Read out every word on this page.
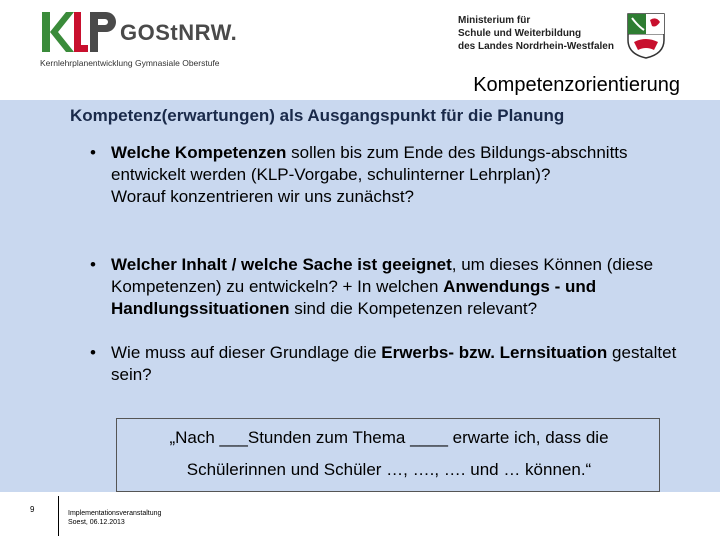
GOStNRW.
Kernlehrplanentwicklung Gymnasiale Oberstufe
Ministerium für
Schule und Weiterbildung
des Landes Nordrhein-Westfalen
Kompetenzorientierung
Kompetenz(erwartungen) als Ausgangspunkt für die Planung
• Welche Kompetenzen sollen bis zum Ende des Bildungs-abschnitts entwickelt werden (KLP-Vorgabe, schulinterner Lehrplan)?
Worauf konzentrieren wir uns zunächst?
• Welcher Inhalt / welche Sache ist geeignet, um dieses Können (diese Kompetenzen) zu entwickeln? + In welchen Anwendungs - und Handlungssituationen sind die Kompetenzen relevant?
• Wie muss auf dieser Grundlage die Erwerbs- bzw. Lernsituation gestaltet sein?
„Nach ___Stunden zum Thema ____ erwarte ich, dass die
Schülerinnen und Schüler …, …., …. und … können.“
9	Implementationsveranstaltung
Soest, 06.12.2013
